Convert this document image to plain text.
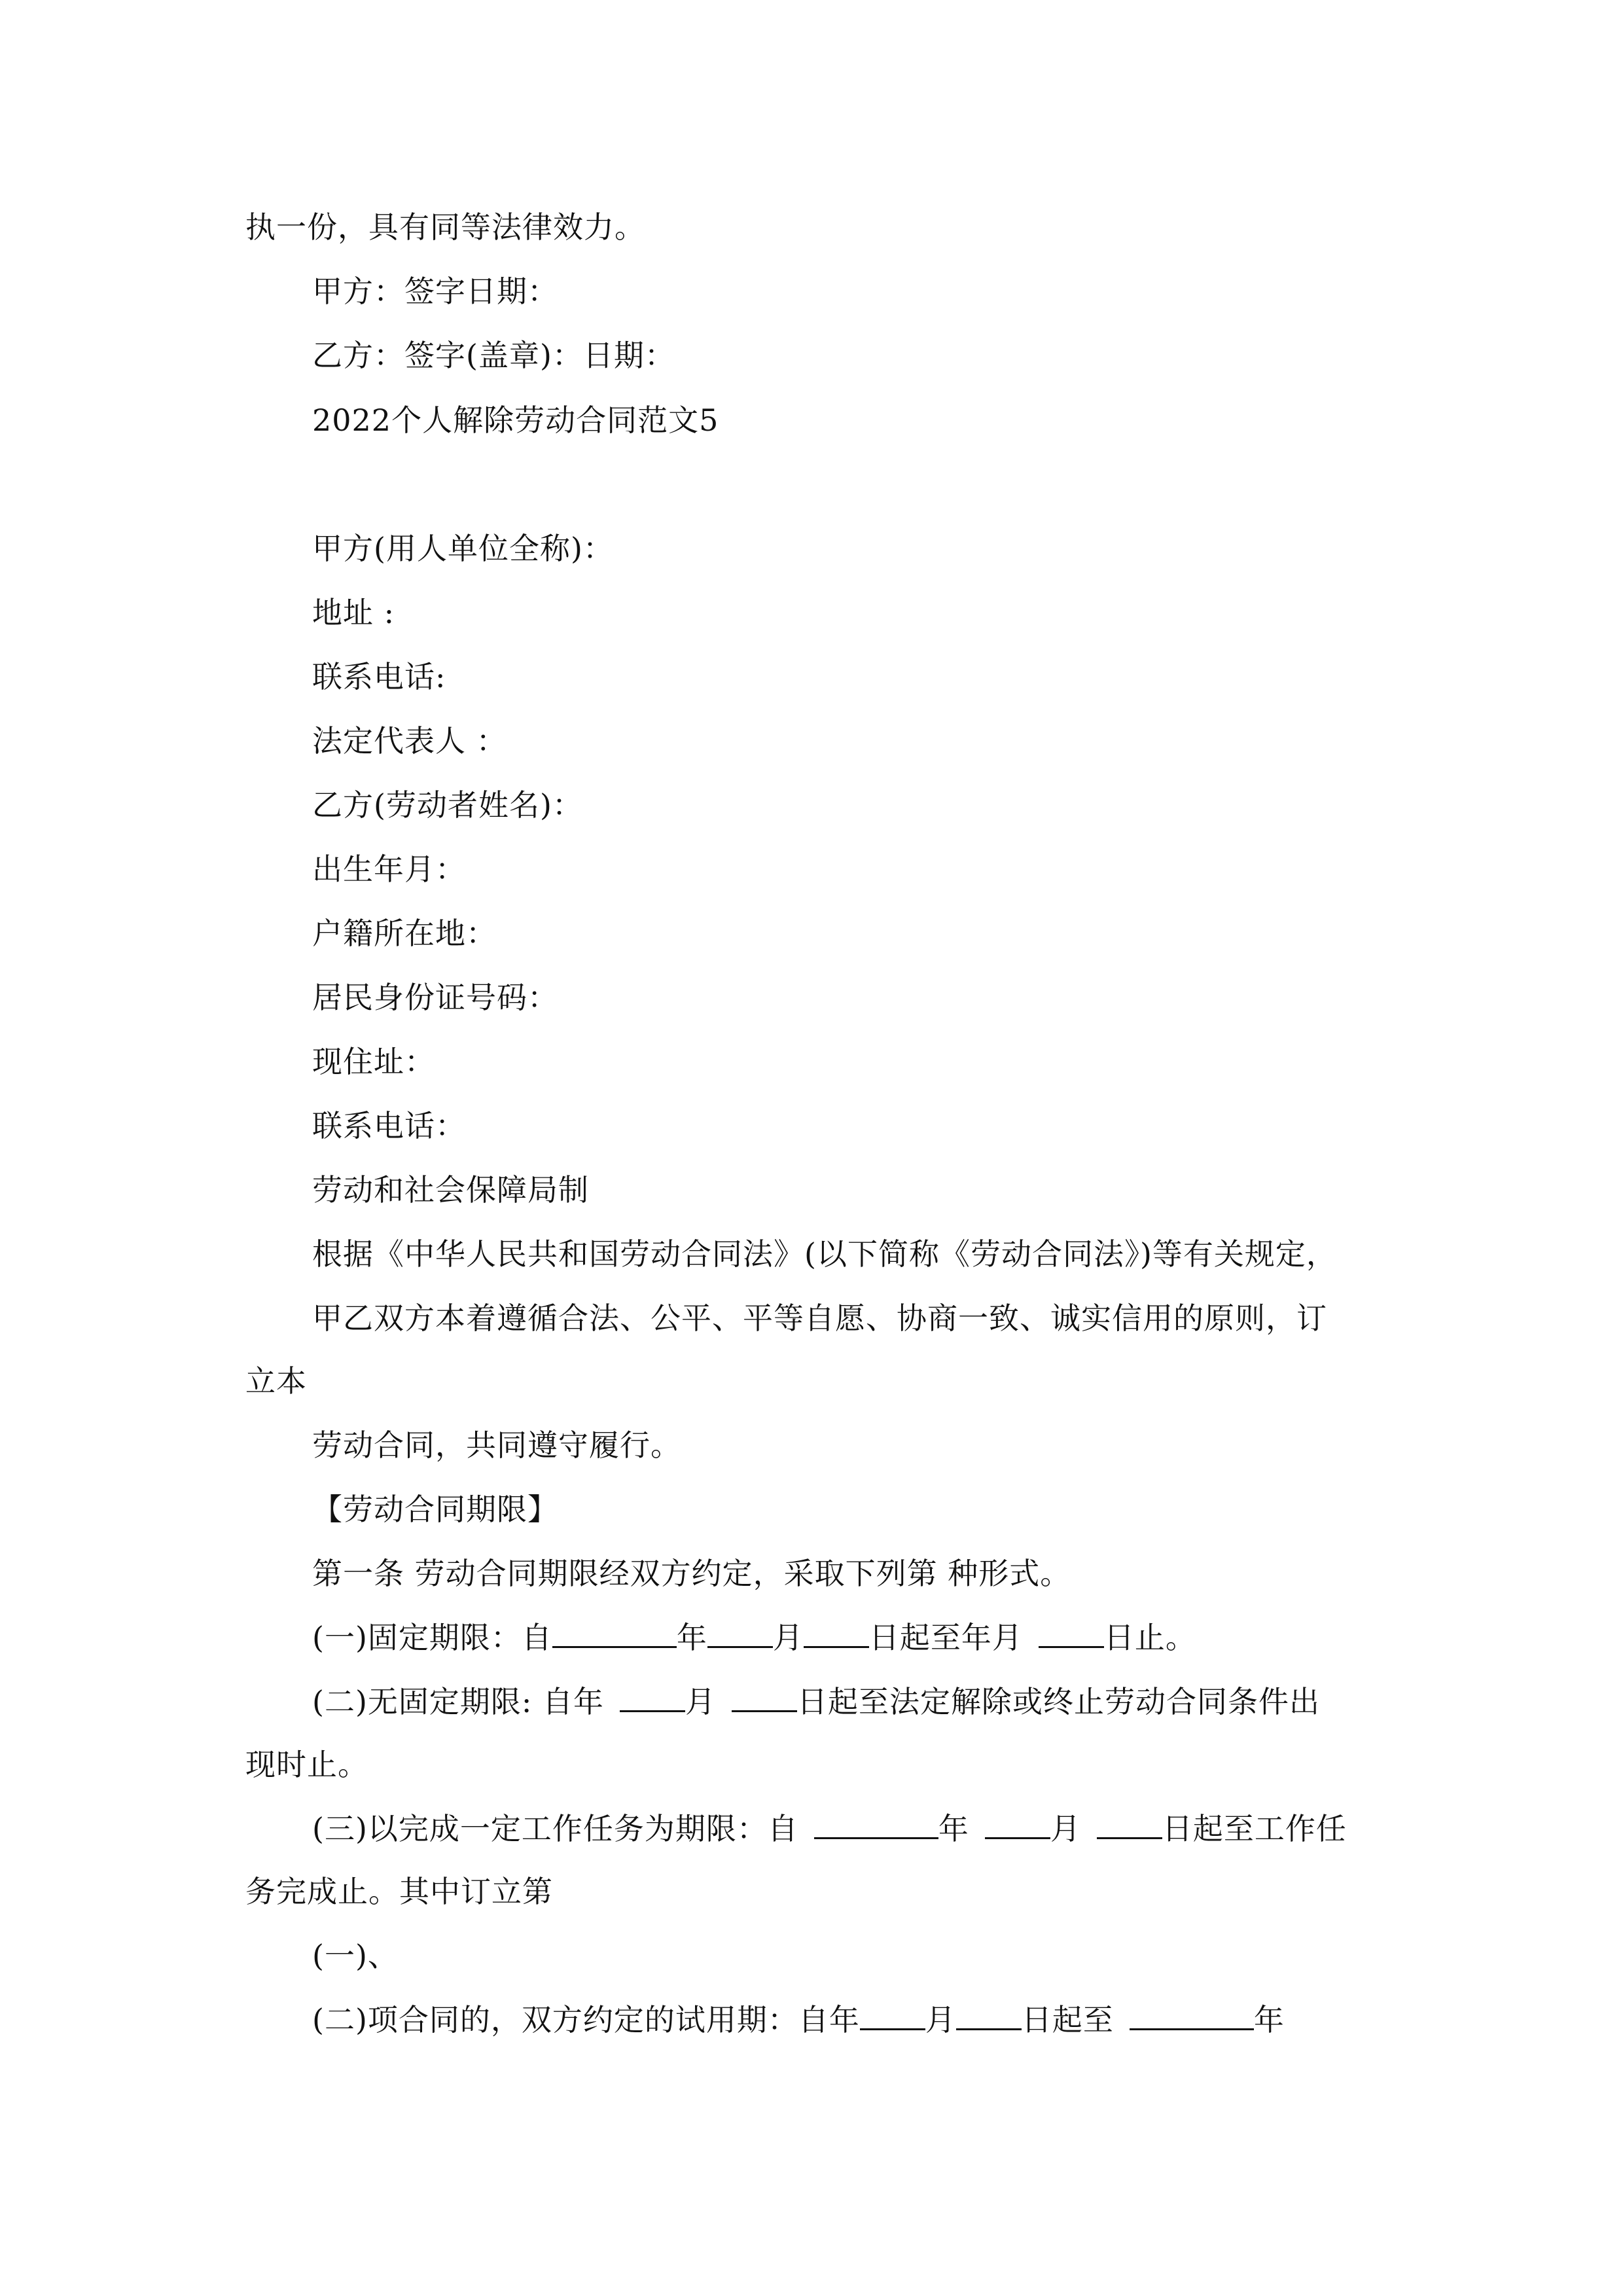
执一份，具有同等法律效力。
甲方：签字日期：
乙方：签字(盖章)：日期：
2022个人解除劳动合同范文5
甲方(用人单位全称)：
地址 :
联系电话:
法定代表人 ：
乙方(劳动者姓名)：
出生年月：
户籍所在地：
居民身份证号码：
现住址：
联系电话：
劳动和社会保障局制
根据《中华人民共和国劳动合同法》(以下简称《劳动合同法》)等有关规定，
甲乙双方本着遵循合法、公平、平等自愿、协商一致、诚实信用的原则，订
立本
劳动合同，共同遵守履行。
【劳动合同期限】
第一条 劳动合同期限经双方约定，采取下列第 种形式。
(一)固定期限：自	年 月 日起至年月	日止。
(二)无固定期限: 自年	月	日起至法定解除或终止劳动合同条件出
现时止。
(三)以完成一定工作任务为期限：自	年	月	日起至工作任
务完成止。其中订立第
(一)、
(二)项合同的，双方约定的试用期：自年 月 日起至	年
